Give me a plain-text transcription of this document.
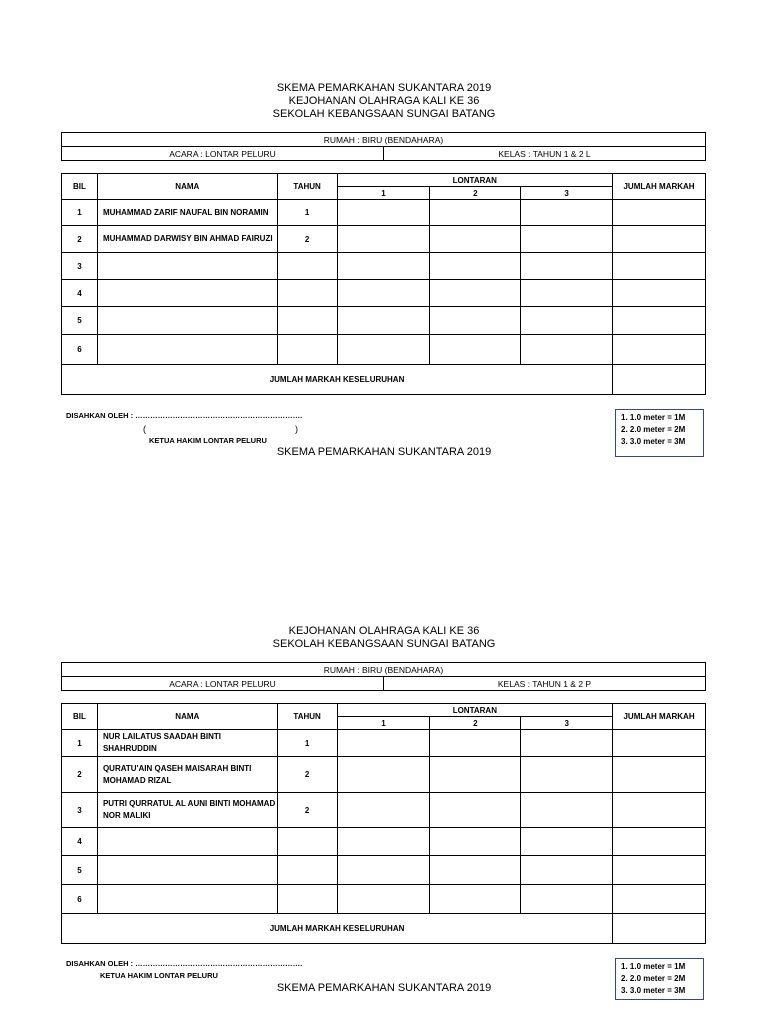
SKEMA PEMARKAHAN SUKANTARA 2019
KEJOHANAN OLAHRAGA KALI KE 36
SEKOLAH KEBANGSAAN SUNGAI BATANG
RUMAH : BIRU (BENDAHARA)
ACARA : LONTAR PELURU	KELAS : TAHUN 1 & 2 L
BIL	NAMA	TAHUN	LONTARAN			JUMLAH MARKAH
			1	2	3	
1	MUHAMMAD ZARIF NAUFAL BIN NORAMIN	1				
2	MUHAMMAD DARWISY BIN AHMAD FAIRUZI	2				
3						
4						
5						
6						
JUMLAH MARKAH KESELURUHAN						
DISAHKAN OLEH : ………………………………………………………….
(	)
KETUA HAKIM LONTAR PELURU
SKEMA PEMARKAHAN SUKANTARA 2019
1. 1.0 meter = 1M
2. 2.0 meter = 2M
3. 3.0 meter = 3M
KEJOHANAN OLAHRAGA KALI KE 36
SEKOLAH KEBANGSAAN SUNGAI BATANG
RUMAH : BIRU (BENDAHARA)
ACARA : LONTAR PELURU	KELAS : TAHUN 1 & 2 P
BIL	NAMA	TAHUN	LONTARAN			JUMLAH MARKAH
			1	2	3	
1	NUR LAILATUS SAADAH BINTI SHAHRUDDIN	1				
2	QURATU'AIN QASEH MAISARAH BINTI MOHAMAD RIZAL	2				
3	PUTRI QURRATUL AL AUNI BINTI MOHAMAD NOR MALIKI	2				
4						
5						
6						
JUMLAH MARKAH KESELURUHAN						
DISAHKAN OLEH : ………………………………………………………….
KETUA HAKIM LONTAR PELURU
SKEMA PEMARKAHAN SUKANTARA 2019
1. 1.0 meter = 1M
2. 2.0 meter = 2M
3. 3.0 meter = 3M
